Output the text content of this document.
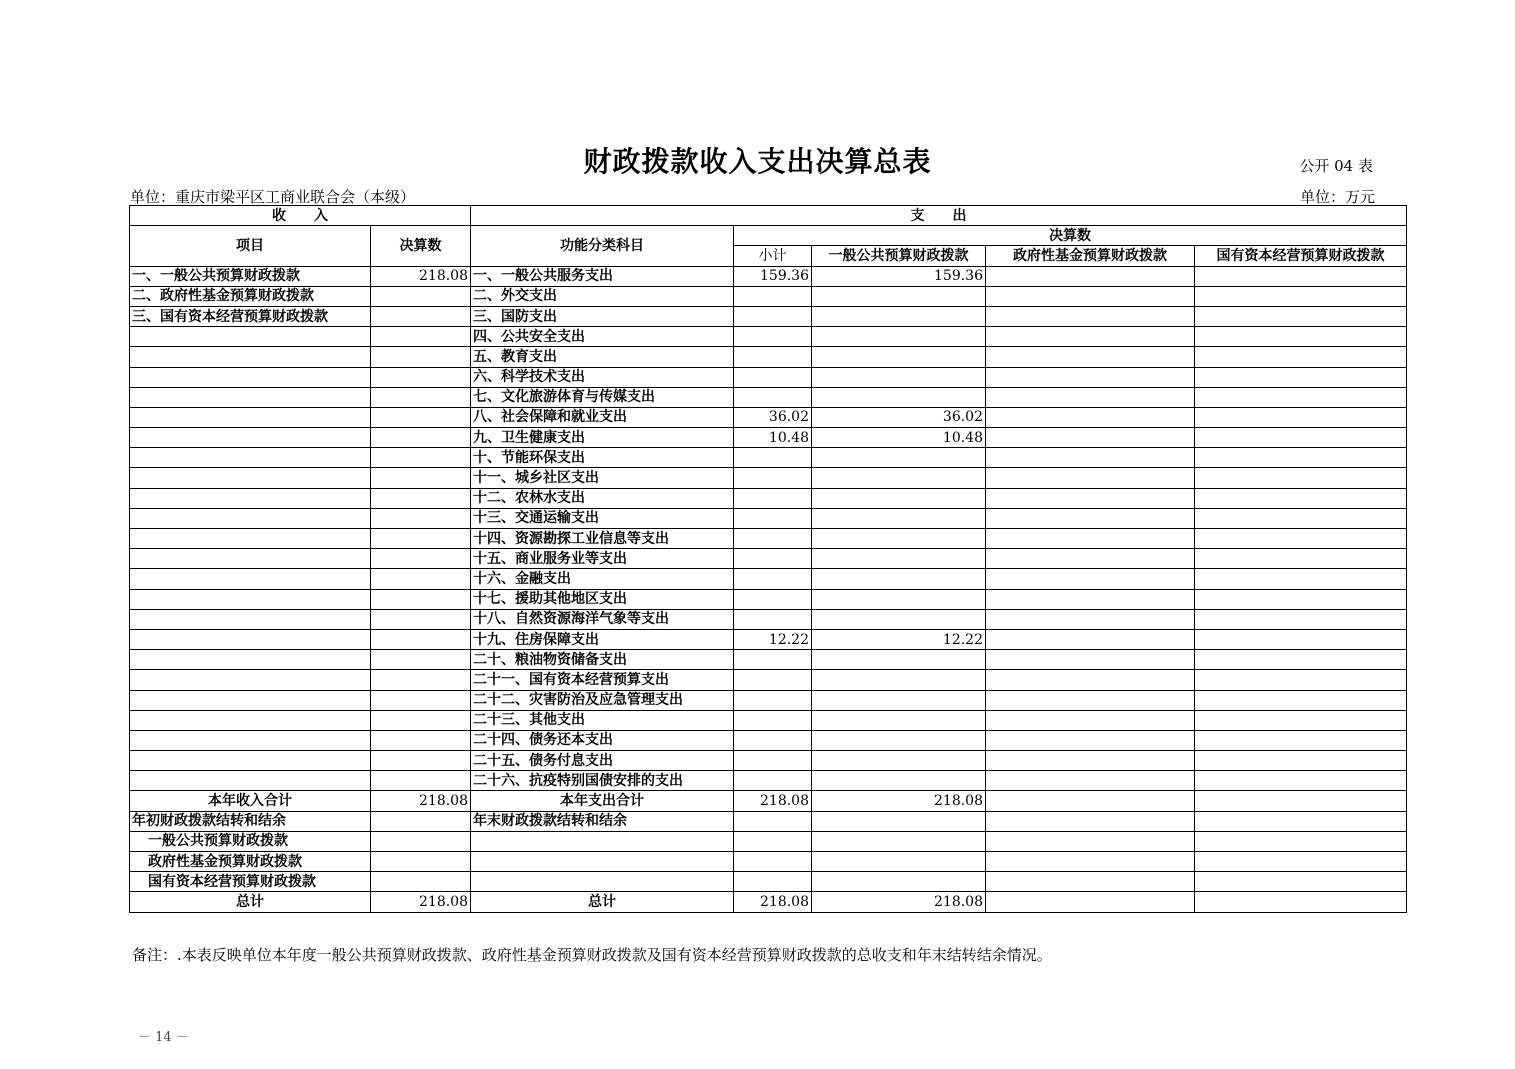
财政拨款收入支出决算总表	公开 04 表
单位：重庆市梁平区工商业联合会（本级）	单位：万元
收　　入		支　　出				
项目	决算数	功能分类科目	决算数			
			小计	一般公共预算财政拨款	政府性基金预算财政拨款	国有资本经营预算财政拨款
一、一般公共预算财政拨款	218.08	一、一般公共服务支出	159.36	159.36		
二、政府性基金预算财政拨款		二、外交支出				
三、国有资本经营预算财政拨款		三、国防支出				
		四、公共安全支出				
		五、教育支出				
		六、科学技术支出				
		七、文化旅游体育与传媒支出				
		八、社会保障和就业支出	36.02	36.02		
		九、卫生健康支出	10.48	10.48		
		十、节能环保支出				
		十一、城乡社区支出				
		十二、农林水支出				
		十三、交通运输支出				
		十四、资源勘探工业信息等支出				
		十五、商业服务业等支出				
		十六、金融支出				
		十七、援助其他地区支出				
		十八、自然资源海洋气象等支出				
		十九、住房保障支出	12.22	12.22		
		二十、粮油物资储备支出				
		二十一、国有资本经营预算支出				
		二十二、灾害防治及应急管理支出				
		二十三、其他支出				
		二十四、债务还本支出				
		二十五、债务付息支出				
		二十六、抗疫特别国债安排的支出				
本年收入合计	218.08	本年支出合计	218.08	218.08		
年初财政拨款结转和结余		年末财政拨款结转和结余				
一般公共预算财政拨款						
政府性基金预算财政拨款						
国有资本经营预算财政拨款						
总计	218.08	总计	218.08	218.08		
备注：.本表反映单位本年度一般公共预算财政拨款、政府性基金预算财政拨款及国有资本经营预算财政拨款的总收支和年末结转结余情况。
－ 14 －
